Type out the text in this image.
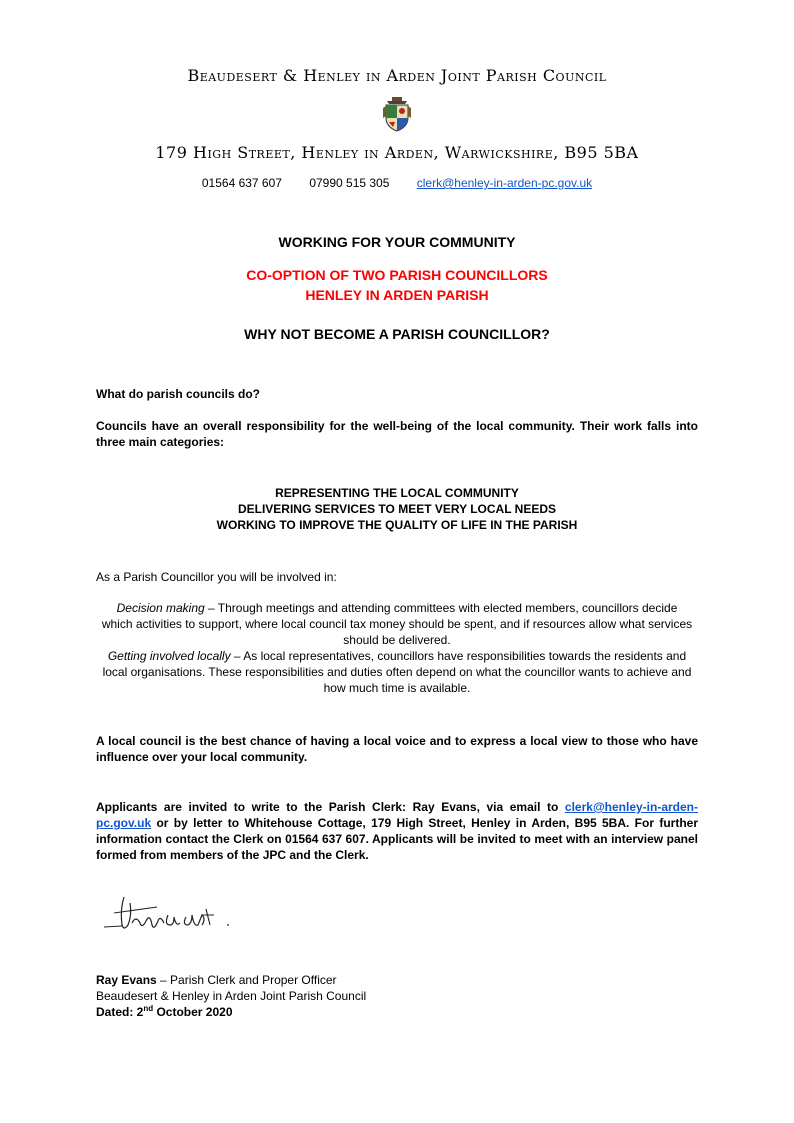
Beaudesert & Henley in Arden Joint Parish Council
179 High Street, Henley in Arden, Warwickshire, B95 5BA
01564 637 607 07990 515 305 clerk@henley-in-arden-pc.gov.uk
WORKING FOR YOUR COMMUNITY
CO-OPTION OF TWO PARISH COUNCILLORS
HENLEY IN ARDEN PARISH
WHY NOT BECOME A PARISH COUNCILLOR?
What do parish councils do?
Councils have an overall responsibility for the well-being of the local community. Their work falls into three main categories:
REPRESENTING THE LOCAL COMMUNITY
DELIVERING SERVICES TO MEET VERY LOCAL NEEDS
WORKING TO IMPROVE THE QUALITY OF LIFE IN THE PARISH
As a Parish Councillor you will be involved in:
Decision making – Through meetings and attending committees with elected members, councillors decide which activities to support, where local council tax money should be spent, and if resources allow what services should be delivered.
Getting involved locally – As local representatives, councillors have responsibilities towards the residents and local organisations. These responsibilities and duties often depend on what the councillor wants to achieve and how much time is available.
A local council is the best chance of having a local voice and to express a local view to those who have influence over your local community.
Applicants are invited to write to the Parish Clerk: Ray Evans, via email to clerk@henley-in-arden-pc.gov.uk or by letter to Whitehouse Cottage, 179 High Street, Henley in Arden, B95 5BA. For further information contact the Clerk on 01564 637 607. Applicants will be invited to meet with an interview panel formed from members of the JPC and the Clerk.
Ray Evans – Parish Clerk and Proper Officer
Beaudesert & Henley in Arden Joint Parish Council
Dated: 2nd October 2020
